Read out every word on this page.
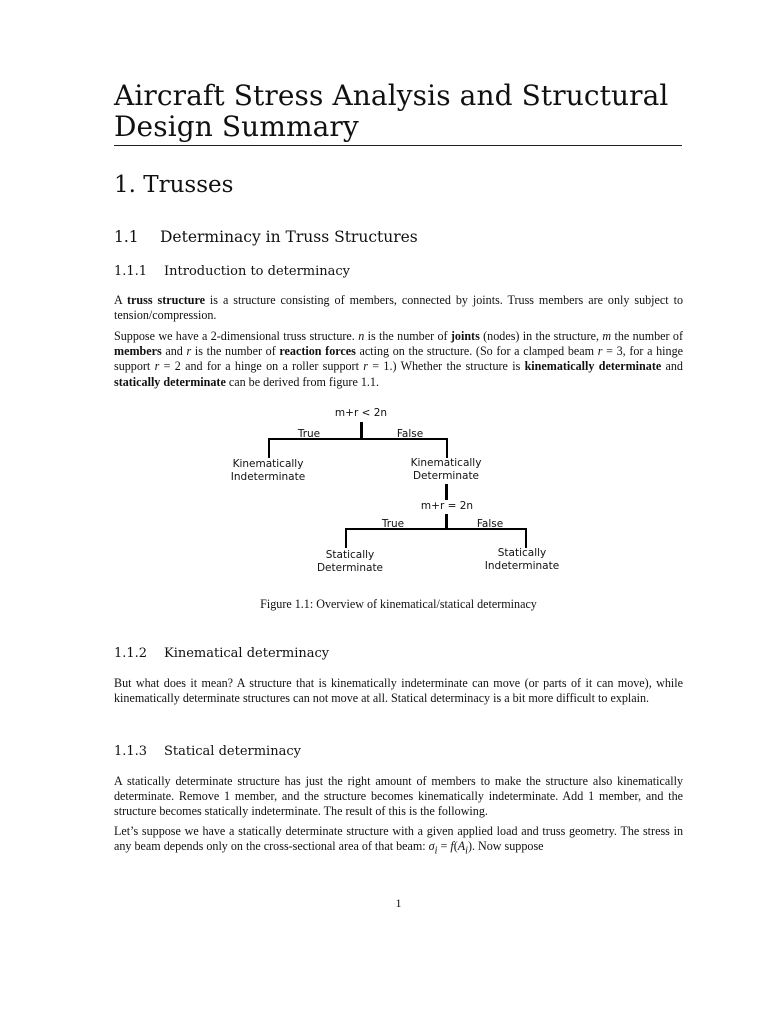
Aircraft Stress Analysis and Structural Design Summary
1. Trusses
1.1 Determinacy in Truss Structures
1.1.1 Introduction to determinacy

A truss structure is a structure consisting of members, connected by joints. Truss members are only subject to tension/compression.

Suppose we have a 2-dimensional truss structure. n is the number of joints (nodes) in the structure, m the number of members and r is the number of reaction forces acting on the structure. (So for a clamped beam r = 3, for a hinge support r = 2 and for a hinge on a roller support r = 1.) Whether the structure is kinematically determinate and statically determinate can be derived from figure 1.1.

m+r < 2n
True	False
Kinematically
Indeterminate
Kinematically
Determinate
m+r = 2n
True	False
Statically
Determinate
Statically
Indeterminate

Figure 1.1: Overview of kinematical/statical determinacy

1.1.2 Kinematical determinacy

But what does it mean? A structure that is kinematically indeterminate can move (or parts of it can move), while kinematically determinate structures can not move at all. Statical determinacy is a bit more difficult to explain.

1.1.3 Statical determinacy

A statically determinate structure has just the right amount of members to make the structure also kinematically determinate. Remove 1 member, and the structure becomes kinematically indeterminate. Add 1 member, and the structure becomes statically indeterminate. The result of this is the following.

Let’s suppose we have a statically determinate structure with a given applied load and truss geometry. The stress in any beam depends only on the cross-sectional area of that beam: $\sigma_i = f(A_i)$. Now suppose

1
